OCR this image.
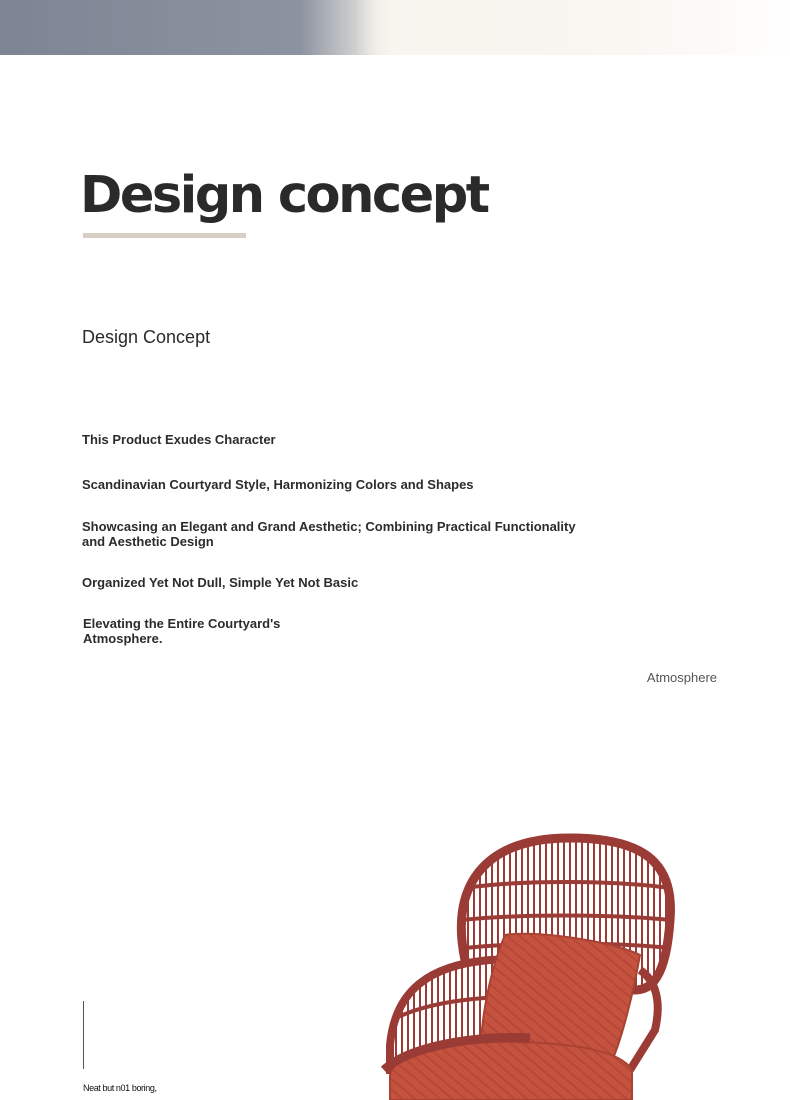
Design concept
Design Concept

This Product Exudes Character

Scandinavian Courtyard Style, Harmonizing Colors and Shapes

Showcasing an Elegant and Grand Aesthetic; Combining Practical Functionality and Aesthetic Design

Organized Yet Not Dull, Simple Yet Not Basic

Elevating the Entire Courtyard's Atmosphere.

Atmosphere
Neat but n01 boring,
